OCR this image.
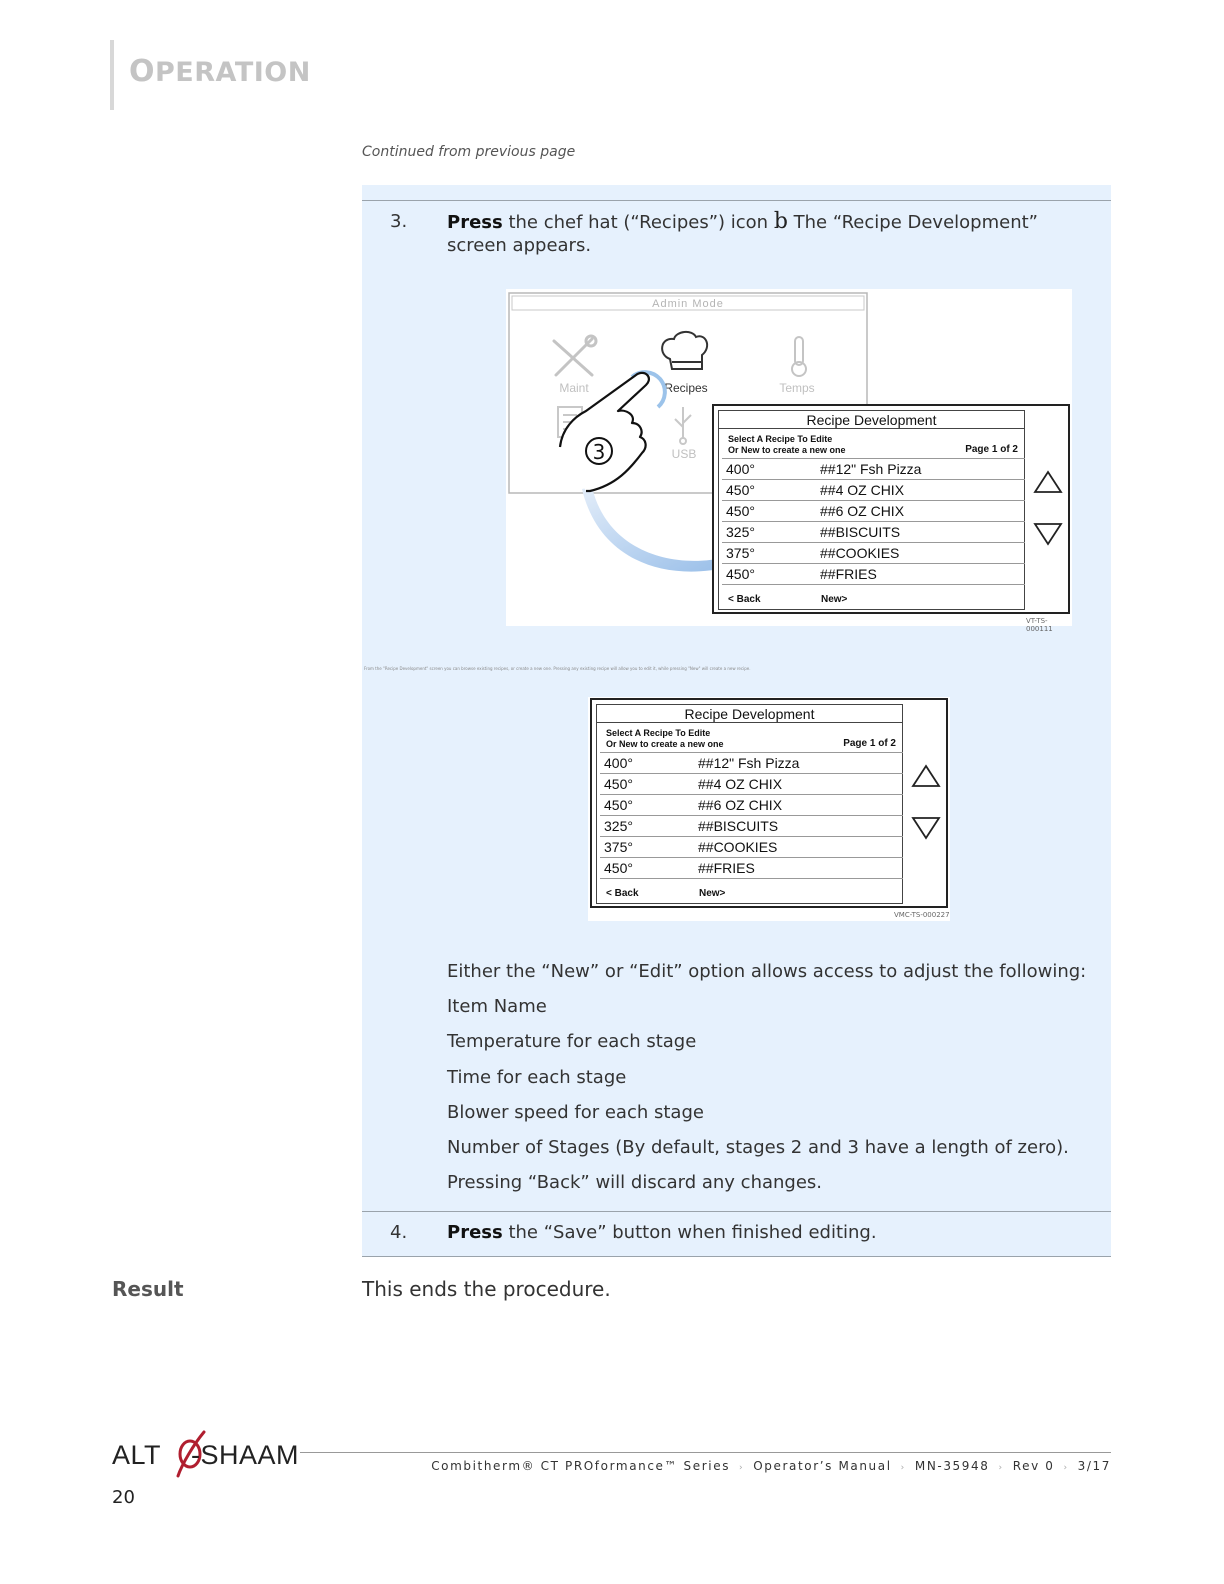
OPERATION
Continued from previous page
3. Press the chef hat (“Recipes”) icon b The “Recipe Development” screen appears.
Admin Mode
Maint	Recipes	Temps
USB
3
VT-TS-000111
Recipe Development
Select A Recipe To Edite
Or New to create a new one	Page 1 of 2
400°	##12" Fsh Pizza
450°	##4 OZ CHIX
450°	##6 OZ CHIX
325°	##BISCUITS
375°	##COOKIES
450°	##FRIES
< Back	New>
From the "Recipe Development" screen you can browse existing recipes, or create a new one. Pressing any existing recipe will allow you to edit it, while pressing "New" will create a new recipe.
Recipe Development
Select A Recipe To Edite
Or New to create a new one	Page 1 of 2
400°	##12" Fsh Pizza
450°	##4 OZ CHIX
450°	##6 OZ CHIX
325°	##BISCUITS
375°	##COOKIES
450°	##FRIES
< Back	New>
VMC-TS-000227
Either the “New” or “Edit” option allows access to adjust the following:
Item Name
Temperature for each stage
Time for each stage
Blower speed for each stage
Number of Stages (By default, stages 2 and 3 have a length of zero).
Pressing “Back” will discard any changes.
4. Press the “Save” button when finished editing.
Result	This ends the procedure.
ALT -SHAAM	Combitherm® CT PROformance™ Series › Operator’s Manual › MN-35948 › Rev 0 › 3/17
20
